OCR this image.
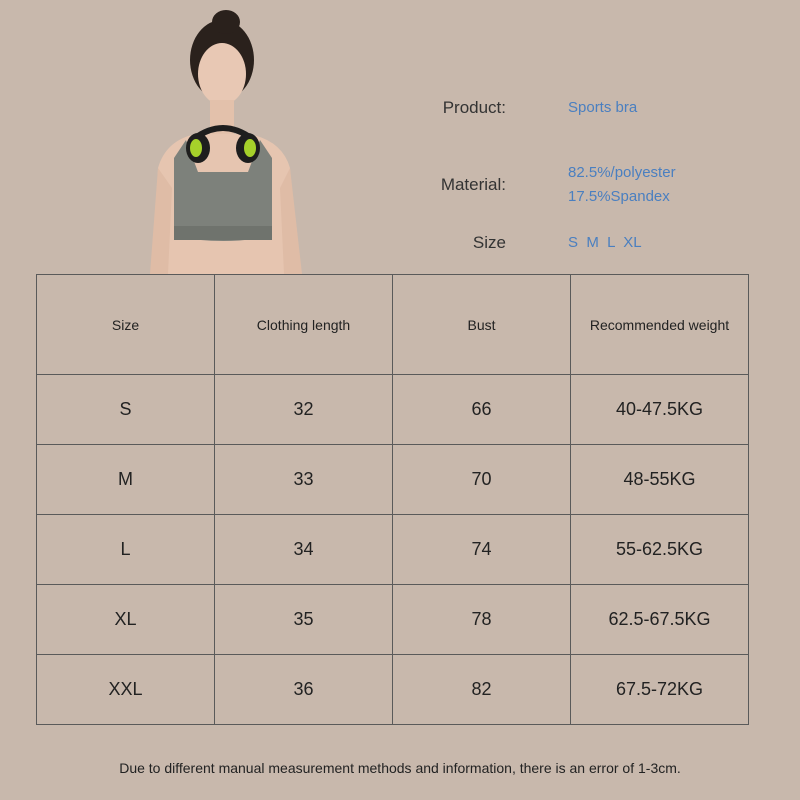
Product:	Sports bra
Material:
82.5%/polyester
17.5%Spandex
Size	S  M  L  XL
Size	Clothing length	Bust	Recommended weight
S	32	66	40-47.5KG
M	33	70	48-55KG
L	34	74	55-62.5KG
XL	35	78	62.5-67.5KG
XXL	36	82	67.5-72KG
Due to different manual measurement methods and information, there is an error of 1-3cm.
